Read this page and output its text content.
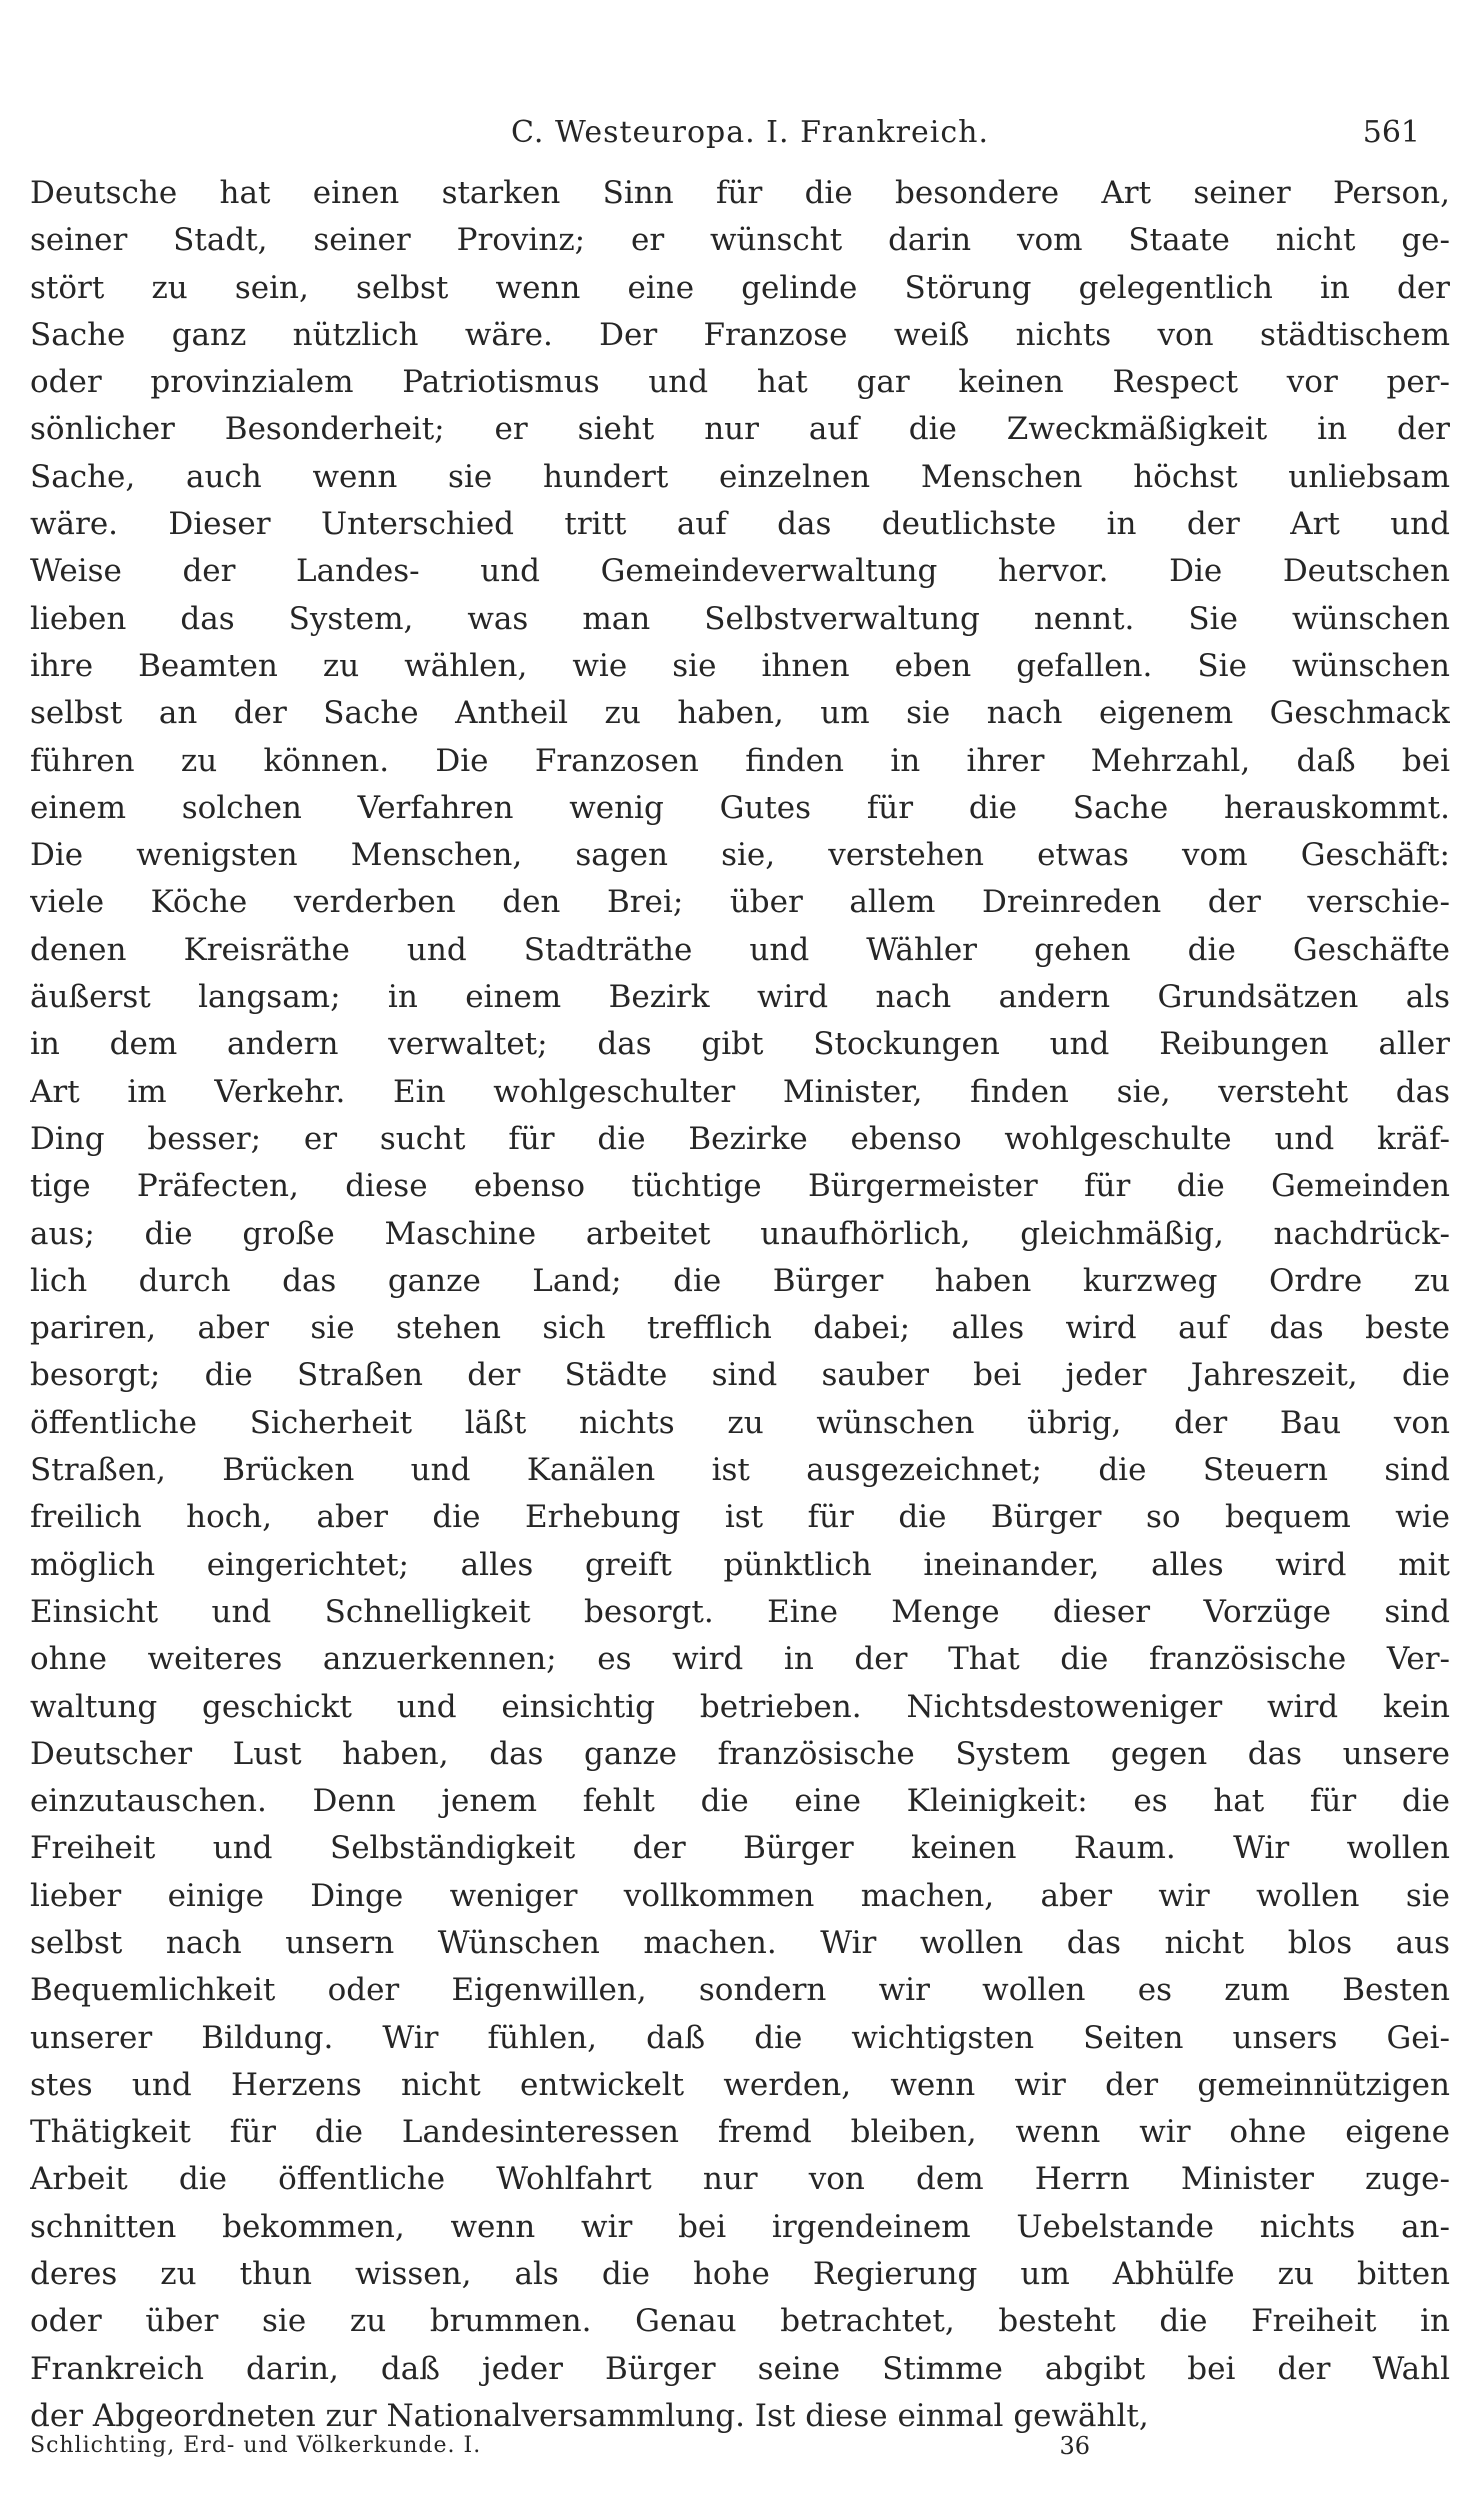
C. Westeuropa. I. Frankreich.	561
Deutsche hat einen starken Sinn für die besondere Art seiner Person,
seiner Stadt, seiner Provinz; er wünscht darin vom Staate nicht ge-
stört zu sein, selbst wenn eine gelinde Störung gelegentlich in der
Sache ganz nützlich wäre. Der Franzose weiß nichts von städtischem
oder provinzialem Patriotismus und hat gar keinen Respect vor per-
sönlicher Besonderheit; er sieht nur auf die Zweckmäßigkeit in der
Sache, auch wenn sie hundert einzelnen Menschen höchst unliebsam
wäre. Dieser Unterschied tritt auf das deutlichste in der Art und
Weise der Landes- und Gemeindeverwaltung hervor. Die Deutschen
lieben das System, was man Selbstverwaltung nennt. Sie wünschen
ihre Beamten zu wählen, wie sie ihnen eben gefallen. Sie wünschen
selbst an der Sache Antheil zu haben, um sie nach eigenem Geschmack
führen zu können. Die Franzosen finden in ihrer Mehrzahl, daß bei
einem solchen Verfahren wenig Gutes für die Sache herauskommt.
Die wenigsten Menschen, sagen sie, verstehen etwas vom Geschäft:
viele Köche verderben den Brei; über allem Dreinreden der verschie-
denen Kreisräthe und Stadträthe und Wähler gehen die Geschäfte
äußerst langsam; in einem Bezirk wird nach andern Grundsätzen als
in dem andern verwaltet; das gibt Stockungen und Reibungen aller
Art im Verkehr. Ein wohlgeschulter Minister, finden sie, versteht das
Ding besser; er sucht für die Bezirke ebenso wohlgeschulte und kräf-
tige Präfecten, diese ebenso tüchtige Bürgermeister für die Gemeinden
aus; die große Maschine arbeitet unaufhörlich, gleichmäßig, nachdrück-
lich durch das ganze Land; die Bürger haben kurzweg Ordre zu
pariren, aber sie stehen sich trefflich dabei; alles wird auf das beste
besorgt; die Straßen der Städte sind sauber bei jeder Jahreszeit, die
öffentliche Sicherheit läßt nichts zu wünschen übrig, der Bau von
Straßen, Brücken und Kanälen ist ausgezeichnet; die Steuern sind
freilich hoch, aber die Erhebung ist für die Bürger so bequem wie
möglich eingerichtet; alles greift pünktlich ineinander, alles wird mit
Einsicht und Schnelligkeit besorgt. Eine Menge dieser Vorzüge sind
ohne weiteres anzuerkennen; es wird in der That die französische Ver-
waltung geschickt und einsichtig betrieben. Nichtsdestoweniger wird kein
Deutscher Lust haben, das ganze französische System gegen das unsere
einzutauschen. Denn jenem fehlt die eine Kleinigkeit: es hat für die
Freiheit und Selbständigkeit der Bürger keinen Raum. Wir wollen
lieber einige Dinge weniger vollkommen machen, aber wir wollen sie
selbst nach unsern Wünschen machen. Wir wollen das nicht blos aus
Bequemlichkeit oder Eigenwillen, sondern wir wollen es zum Besten
unserer Bildung. Wir fühlen, daß die wichtigsten Seiten unsers Gei-
stes und Herzens nicht entwickelt werden, wenn wir der gemeinnützigen
Thätigkeit für die Landesinteressen fremd bleiben, wenn wir ohne eigene
Arbeit die öffentliche Wohlfahrt nur von dem Herrn Minister zuge-
schnitten bekommen, wenn wir bei irgendeinem Uebelstande nichts an-
deres zu thun wissen, als die hohe Regierung um Abhülfe zu bitten
oder über sie zu brummen. Genau betrachtet, besteht die Freiheit in
Frankreich darin, daß jeder Bürger seine Stimme abgibt bei der Wahl
der Abgeordneten zur Nationalversammlung. Ist diese einmal gewählt,
Schlichting, Erd- und Völkerkunde. I.	36
